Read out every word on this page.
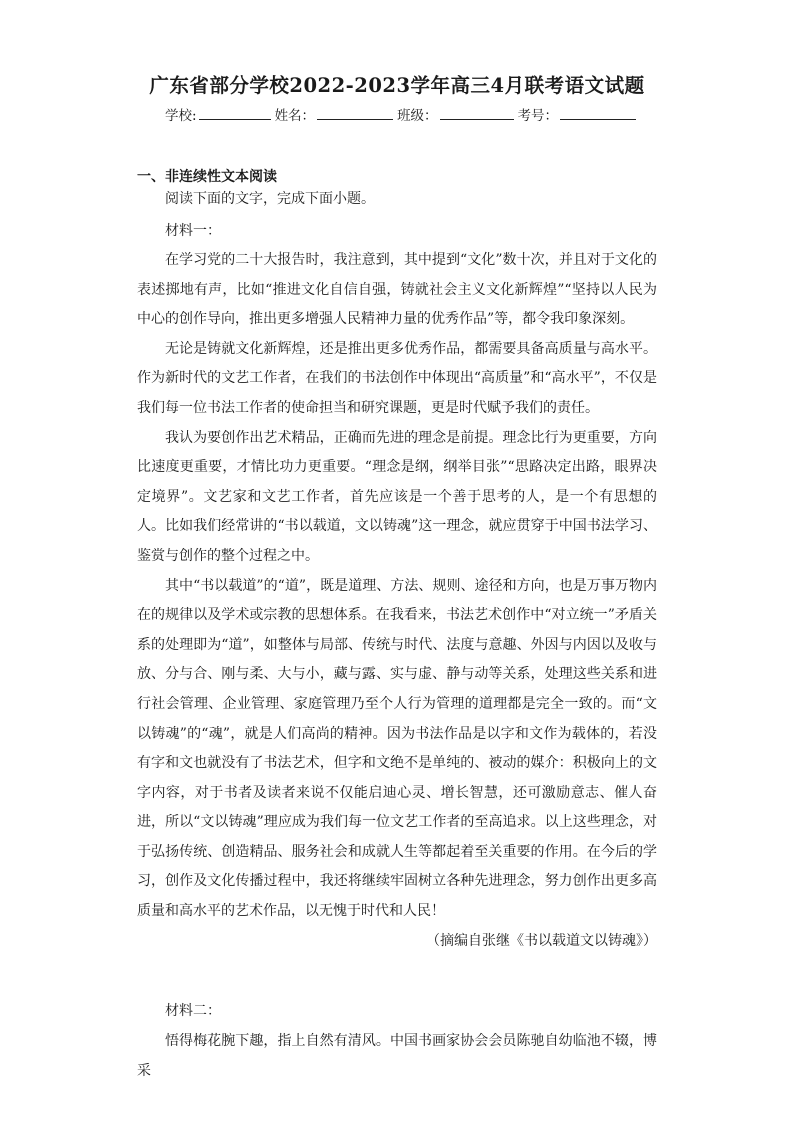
广东省部分学校2022-2023学年高三4月联考语文试题
学校:	姓名：	班级：	考号：
一、非连续性文本阅读

阅读下面的文字，完成下面小题。

材料一：

在学习党的二十大报告时，我注意到，其中提到“文化”数十次，并且对于文化的表述掷地有声，比如“推进文化自信自强，铸就社会主义文化新辉煌”“坚持以人民为中心的创作导向，推出更多增强人民精神力量的优秀作品”等，都令我印象深刻。

无论是铸就文化新辉煌，还是推出更多优秀作品，都需要具备高质量与高水平。作为新时代的文艺工作者，在我们的书法创作中体现出“高质量”和“高水平”，不仅是我们每一位书法工作者的使命担当和研究课题，更是时代赋予我们的责任。

我认为要创作出艺术精品，正确而先进的理念是前提。理念比行为更重要，方向比速度更重要，才情比功力更重要。“理念是纲，纲举目张”“思路决定出路，眼界决定境界”。文艺家和文艺工作者，首先应该是一个善于思考的人，是一个有思想的人。比如我们经常讲的“书以载道，文以铸魂”这一理念，就应贯穿于中国书法学习、鉴赏与创作的整个过程之中。

其中“书以载道”的“道”，既是道理、方法、规则、途径和方向，也是万事万物内在的规律以及学术或宗教的思想体系。在我看来，书法艺术创作中“对立统一”矛盾关系的处理即为“道”，如整体与局部、传统与时代、法度与意趣、外因与内因以及收与放、分与合、刚与柔、大与小，藏与露、实与虚、静与动等关系，处理这些关系和进行社会管理、企业管理、家庭管理乃至个人行为管理的道理都是完全一致的。而“文以铸魂”的“魂”，就是人们高尚的精神。因为书法作品是以字和文作为载体的，若没有字和文也就没有了书法艺术，但字和文绝不是单纯的、被动的媒介：积极向上的文字内容，对于书者及读者来说不仅能启迪心灵、增长智慧，还可激励意志、催人奋进，所以“文以铸魂”理应成为我们每一位文艺工作者的至高追求。以上这些理念，对于弘扬传统、创造精品、服务社会和成就人生等都起着至关重要的作用。在今后的学习，创作及文化传播过程中，我还将继续牢固树立各种先进理念，努力创作出更多高质量和高水平的艺术作品，以无愧于时代和人民！

（摘编自张继《书以载道文以铸魂》）

材料二：

悟得梅花腕下趣，指上自然有清风。中国书画家协会会员陈驰自幼临池不辍，博采
